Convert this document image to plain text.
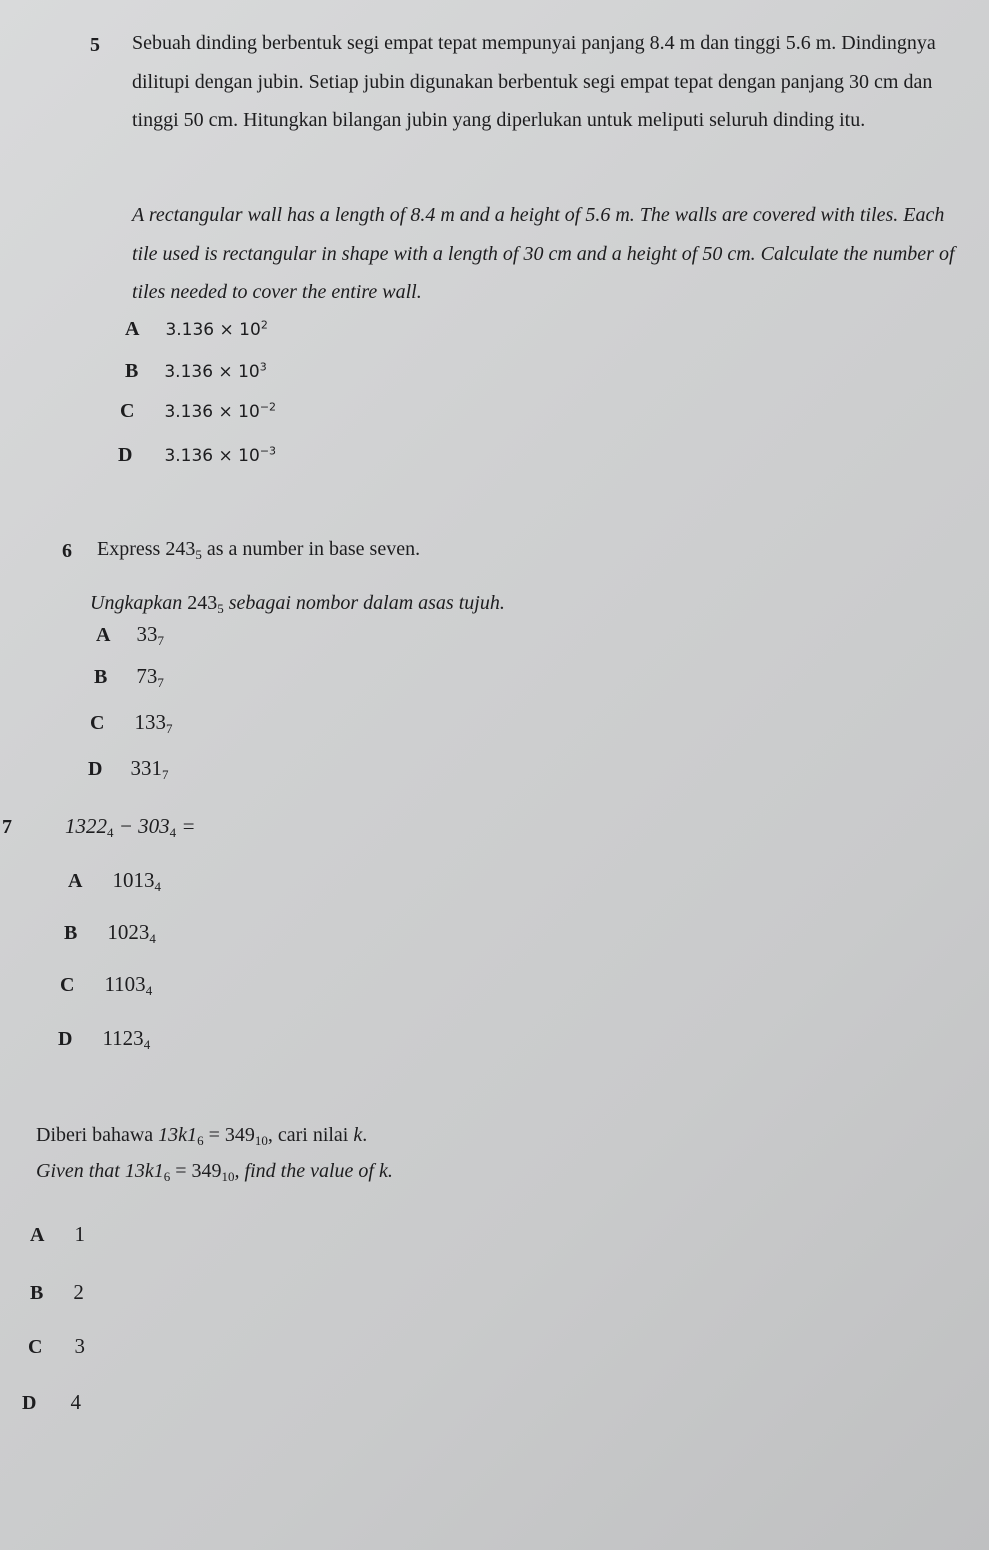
5 Sebuah dinding berbentuk segi empat tepat mempunyai panjang 8.4 m dan tinggi 5.6 m. Dindingnya dilitupi dengan jubin. Setiap jubin digunakan berbentuk segi empat tepat dengan panjang 30 cm dan tinggi 50 cm. Hitungkan bilangan jubin yang diperlukan untuk meliputi seluruh dinding itu.
A rectangular wall has a length of 8.4 m and a height of 5.6 m. The walls are covered with tiles. Each tile used is rectangular in shape with a length of 30 cm and a height of 50 cm. Calculate the number of tiles needed to cover the entire wall.
A $3.136 \times 10^2$
B $3.136 \times 10^3$
C $3.136 \times 10^{-2}$
D $3.136 \times 10^{-3}$
6 Express $243_5$ as a number in base seven.
Ungkapkan $243_5$ sebagai nombor dalam asas tujuh.
A $33_7$
B $73_7$
C $133_7$
D $331_7$
7	$1322_4 - 303_4$ =
A $1013_4$
B $1023_4$
C $1103_4$
D $1123_4$
Diberi bahawa $13k1_6 = 349_{10}$, cari nilai k.
Given that $13k1_6 = 349_{10}$, find the value of k.
A 1
B 2
C 3
D 4
